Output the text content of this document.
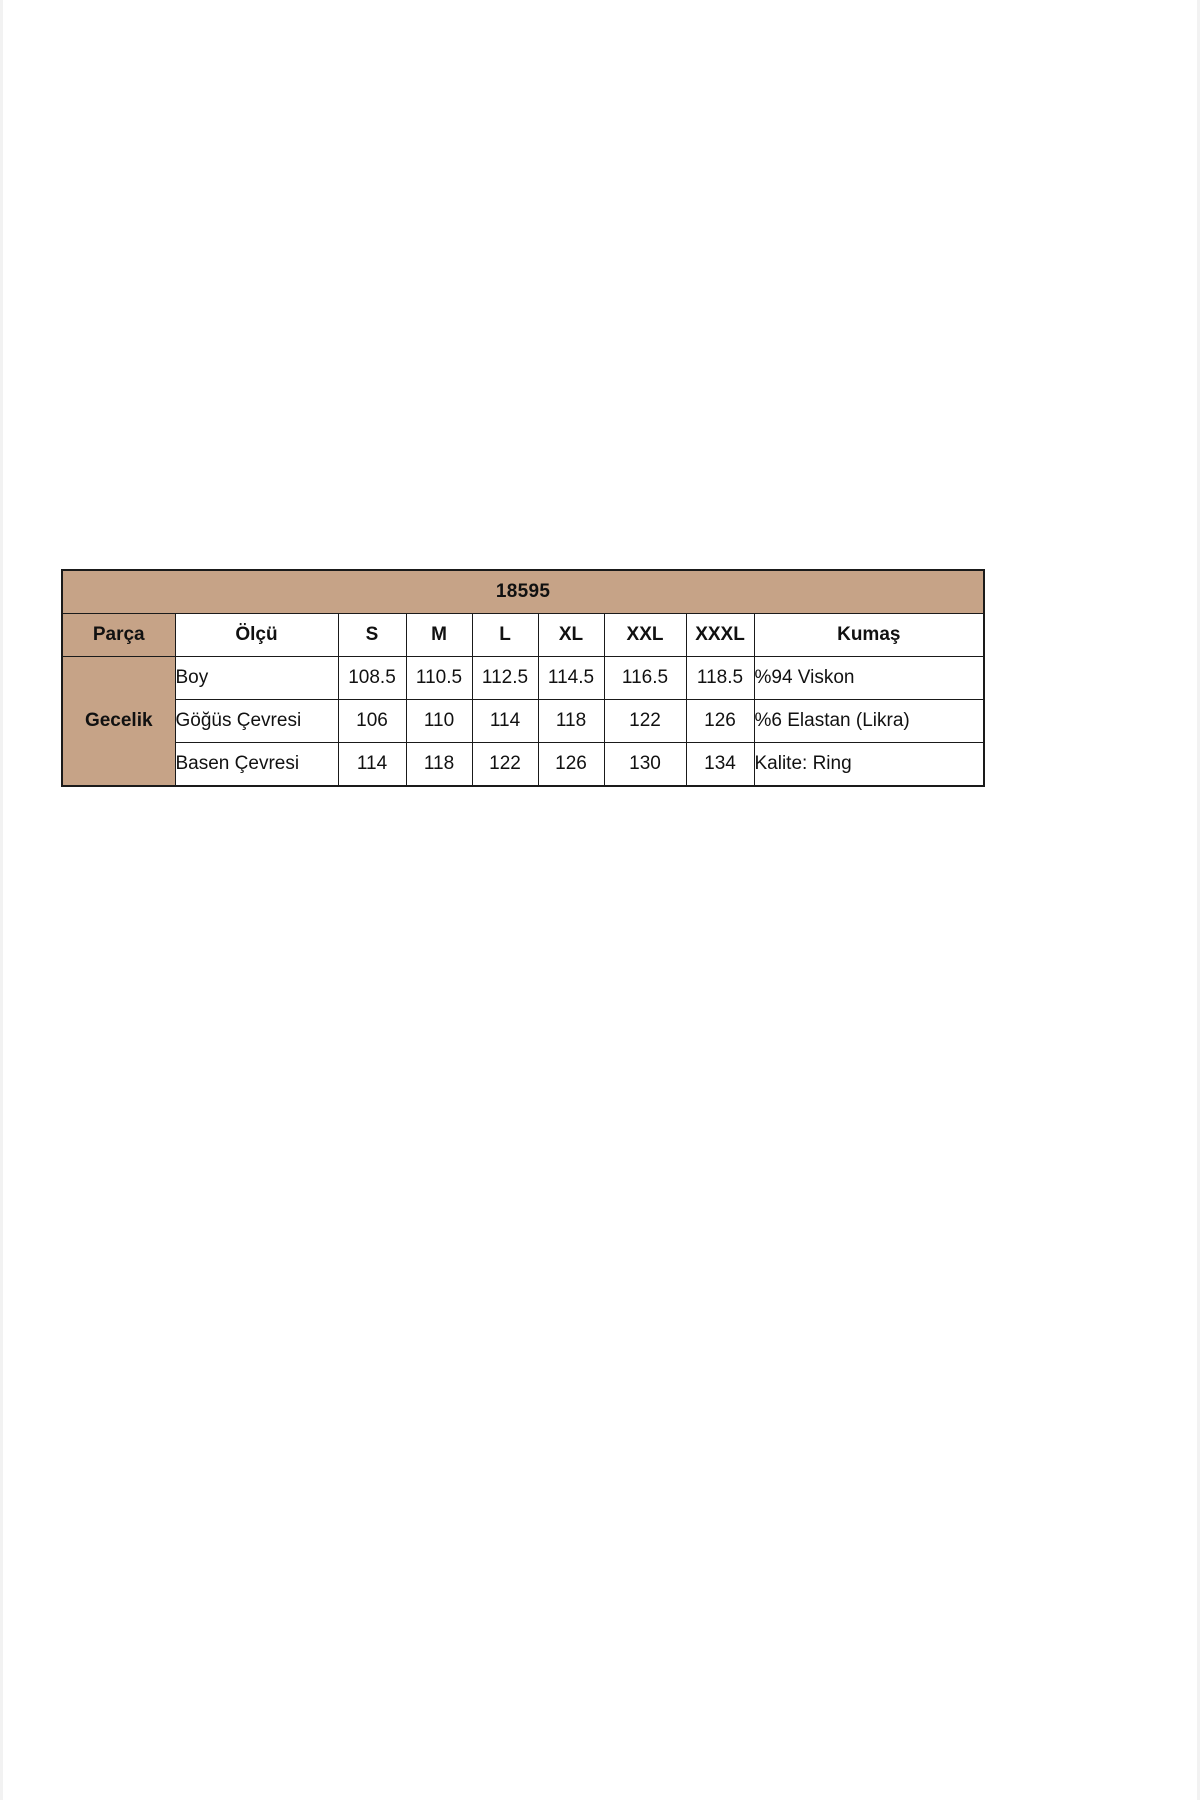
18595								
Parça	Ölçü	S	M	L	XL	XXL	XXXL	Kumaş
Gecelik	Boy	108.5	110.5	112.5	114.5	116.5	118.5	%94 Viskon
	Göğüs Çevresi	106	110	114	118	122	126	%6 Elastan (Likra)
	Basen Çevresi	114	118	122	126	130	134	Kalite: Ring
